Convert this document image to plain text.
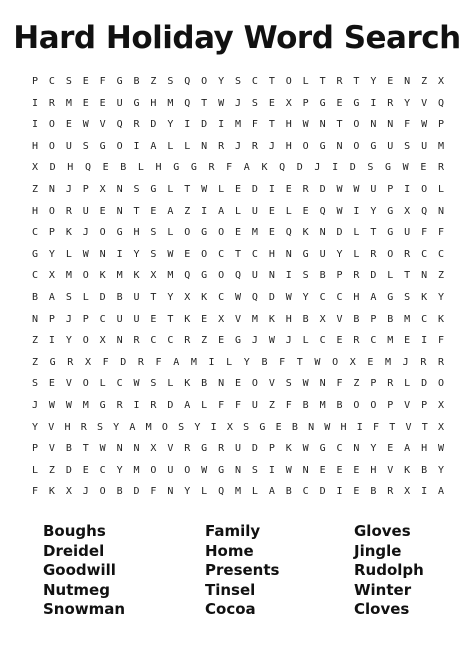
Hard Holiday Word Search
P	C	S	E	F	G	B	Z	S	Q	O	Y	S	C	T	O	L	T	R	T	Y	E	N	Z	X
I	R	M	E	E	U	G	H	M	Q	T	W	J	S	E	X	P	G	E	G	I	R	Y	V	Q
I	O	E	W	V	Q	R	D	Y	I	D	I	M	F	T	H	W	N	T	O	N	N	F	W	P
H	O	U	S	G	O	I	A	L	L	N	R	J	R	J	H	O	G	N	O	G	U	S	U	M
X	D	H	Q	E	B	L	H	G	G	R	F	A	K	Q	D	J	I	D	S	G	W	E	R
Z	N	J	P	X	N	S	G	L	T	W	L	E	D	I	E	R	D	W	W	U	P	I	O	L
H	O	R	U	E	N	T	E	A	Z	I	A	L	U	E	L	E	Q	W	I	Y	G	X	Q	N
C	P	K	J	O	G	H	S	L	O	G	O	E	M	E	Q	K	N	D	L	T	G	U	F	F
G	Y	L	W	N	I	Y	S	W	E	O	C	T	C	H	N	G	U	Y	L	R	O	R	C	C
C	X	M	O	K	M	K	X	M	Q	G	O	Q	U	N	I	S	B	P	R	D	L	T	N	Z
B	A	S	L	D	B	U	T	Y	X	K	C	W	Q	D	W	Y	C	C	H	A	G	S	K	Y
N	P	J	P	C	U	U	E	T	K	E	X	V	M	K	H	B	X	V	B	P	B	M	C	K
Z	I	Y	O	X	N	R	C	C	R	Z	E	G	J	W	J	L	C	E	R	C	M	E	I	F
Z	G	R	X	F	D	R	F	A	M	I	L	Y	B	F	T	W	O	X	E	M	J	R	R
S	E	V	O	L	C	W	S	L	K	B	N	E	O	V	S	W	N	F	Z	P	R	L	D	O
J	W	W	M	G	R	I	R	D	A	L	F	F	U	Z	F	B	M	B	O	O	P	V	P	X
Y	V	H	R	S	Y	A	M	O	S	Y	I	X	S	G	E	B	N	W	H	I	F	T	V	T	X
P	V	B	T	W	N	N	X	V	R	G	R	U	D	P	K	W	G	C	N	Y	E	A	H	W
L	Z	D	E	C	Y	M	O	U	O	W	G	N	S	I	W	N	E	E	E	H	V	K	B	Y
F	K	X	J	O	B	D	F	N	Y	L	Q	M	L	A	B	C	D	I	E	B	R	X	I	A
Boughs
Dreidel
Goodwill
Nutmeg
Snowman
Family
Home
Presents
Tinsel
Cocoa
Gloves
Jingle
Rudolph
Winter
Cloves
